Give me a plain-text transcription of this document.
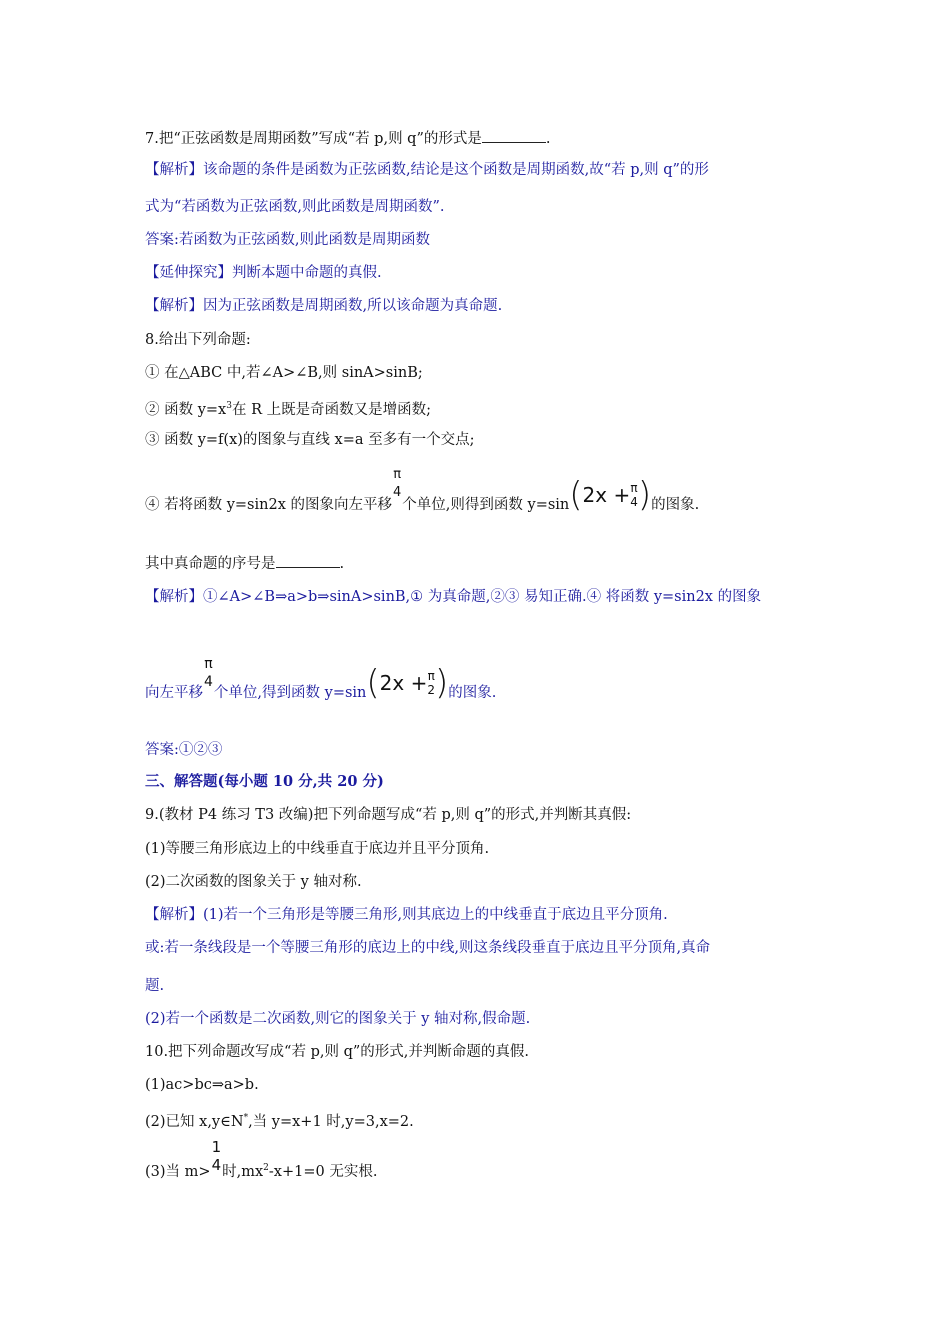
7.把“正弦函数是周期函数”写成“若 p,则 q”的形式是	.
【解析】该命题的条件是函数为正弦函数,结论是这个函数是周期函数,故“若 p,则 q”的形
式为“若函数为正弦函数,则此函数是周期函数”.
答案:若函数为正弦函数,则此函数是周期函数
【延伸探究】判断本题中命题的真假.
【解析】因为正弦函数是周期函数,所以该命题为真命题.
8.给出下列命题:
① 在△ABC 中,若∠A>∠B,则 sinA>sinB;
② 函数 $y=x^3$在 R 上既是奇函数又是增函数;
③ 函数 y=f(x)的图象与直线 x=a 至多有一个交点;
④ 若将函数 y=sin2x 的图象向左平移
π
4
个单位,则得到函数 y=sin(2x + π
4 )的图象.
其中真命题的序号是	.
【解析】①∠A>∠B⇒a>b⇒sinA>sinB,① 为真命题,②③ 易知正确.④ 将函数 y=sin2x 的图象
向左平移
π
4
个单位,得到函数 y=sin(2x + π
2 )的图象.
答案:①②③
三、解答题(每小题 10 分,共 20 分)
9.(教材 P4 练习 T3 改编)把下列命题写成“若 p,则 q”的形式,并判断其真假:
(1)等腰三角形底边上的中线垂直于底边并且平分顶角.
(2)二次函数的图象关于 y 轴对称.
【解析】(1)若一个三角形是等腰三角形,则其底边上的中线垂直于底边且平分顶角.
或:若一条线段是一个等腰三角形的底边上的中线,则这条线段垂直于底边且平分顶角,真命
题.
(2)若一个函数是二次函数,则它的图象关于 y 轴对称,假命题.
10.把下列命题改写成“若 p,则 q”的形式,并判断命题的真假.
(1)ac>bc⇒a>b.
(2)已知 x,y∈N*,当 y=x+1 时,y=3,x=2.
(3)当 m>
1
4 时$,mx^2-x+1=0$ 无实根.
